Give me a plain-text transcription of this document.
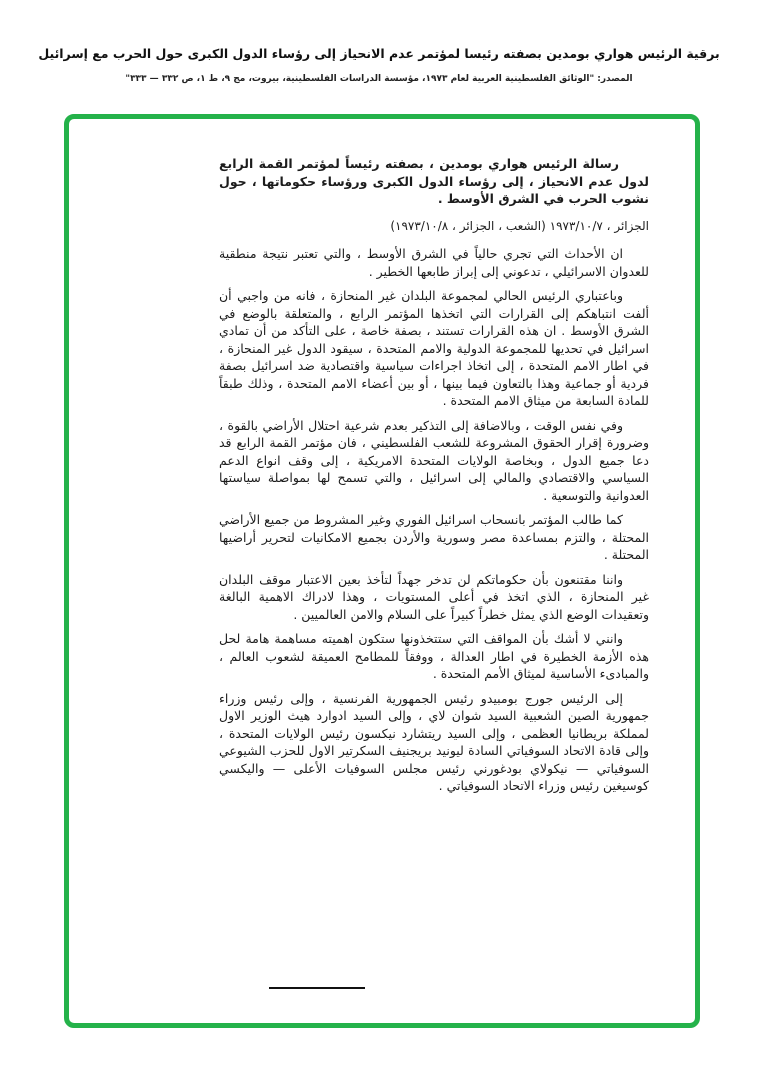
برقية الرئيس هواري بومدين بصفته رئيسا لمؤتمر عدم الانحياز إلى رؤساء الدول الكبرى حول الحرب مع إسرائيل
المصدر: "الوثائق الفلسطينية العربية لعام ١٩٧٣، مؤسسة الدراسات الفلسطينية، بيروت، مج ٩، ط ١، ص ٣٣٢ — ٣٣٣"

رسالة الرئيس هواري بومدين ، بصفته رئيساً لمؤتمر القمة الرابع لدول عدم الانحياز ، إلى رؤساء الدول الكبرى ورؤساء حكوماتها ، حول نشوب الحرب في الشرق الأوسط .

الجزائر ، ١٩٧٣/١٠/٧ (الشعب ، الجزائر ، ١٩٧٣/١٠/٨)

ان الأحداث التي تجري حالياً في الشرق الأوسط ، والتي تعتبر نتيجة منطقية للعدوان الاسرائيلي ، تدعوني إلى إبراز طابعها الخطير .

وباعتباري الرئيس الحالي لمجموعة البلدان غير المنحازة ، فانه من واجبي أن ألفت انتباهكم إلى القرارات التي اتخذها المؤتمر الرابع ، والمتعلقة بالوضع في الشرق الأوسط . ان هذه القرارات تستند ، بصفة خاصة ، على التأكد من أن تمادي اسرائيل في تحديها للمجموعة الدولية والامم المتحدة ، سيقود الدول غير المنحازة ، في اطار الامم المتحدة ، إلى اتخاذ اجراءات سياسية واقتصادية ضد اسرائيل بصفة فردية أو جماعية وهذا بالتعاون فيما بينها ، أو بين أعضاء الامم المتحدة ، وذلك طبقاً للمادة السابعة من ميثاق الامم المتحدة .

وفي نفس الوقت ، وبالاضافة إلى التذكير بعدم شرعية احتلال الأراضي بالقوة ، وضرورة إقرار الحقوق المشروعة للشعب الفلسطيني ، فان مؤتمر القمة الرابع قد دعا جميع الدول ، وبخاصة الولايات المتحدة الامريكية ، إلى وقف انواع الدعم السياسي والاقتصادي والمالي إلى اسرائيل ، والتي تسمح لها بمواصلة سياستها العدوانية والتوسعية .

كما طالب المؤتمر بانسحاب اسرائيل الفوري وغير المشروط من جميع الأراضي المحتلة ، والتزم بمساعدة مصر وسورية والأردن بجميع الامكانيات لتحرير أراضيها المحتلة .

واننا مقتنعون بأن حكوماتكم لن تدخر جهداً لتأخذ بعين الاعتبار موقف البلدان غير المنحازة ، الذي اتخذ في أعلى المستويات ، وهذا لادراك الاهمية البالغة وتعقيدات الوضع الذي يمثل خطراً كبيراً على السلام والامن العالميين .

وانني لا أشك بأن المواقف التي ستتخذونها ستكون اهميته مساهمة هامة لحل هذه الأزمة الخطيرة في اطار العدالة ، ووفقاً للمطامح العميقة لشعوب العالم ، والمبادىء الأساسية لميثاق الأمم المتحدة .

إلى الرئيس جورج بومبيدو رئيس الجمهورية الفرنسية ، وإلى رئيس وزراء جمهورية الصين الشعبية السيد شوان لاي ، وإلى السيد ادوارد هيث الوزير الاول لمملكة بريطانيا العظمى ، وإلى السيد ريتشارد نيكسون رئيس الولايات المتحدة ، وإلى قادة الاتحاد السوفياتي السادة ليونيد بريجنيف السكرتير الاول للحزب الشيوعي السوفياتي — نيكولاي بودغورني رئيس مجلس السوفيات الأعلى — واليكسي كوسيغين رئيس وزراء الاتحاد السوفياتي .
